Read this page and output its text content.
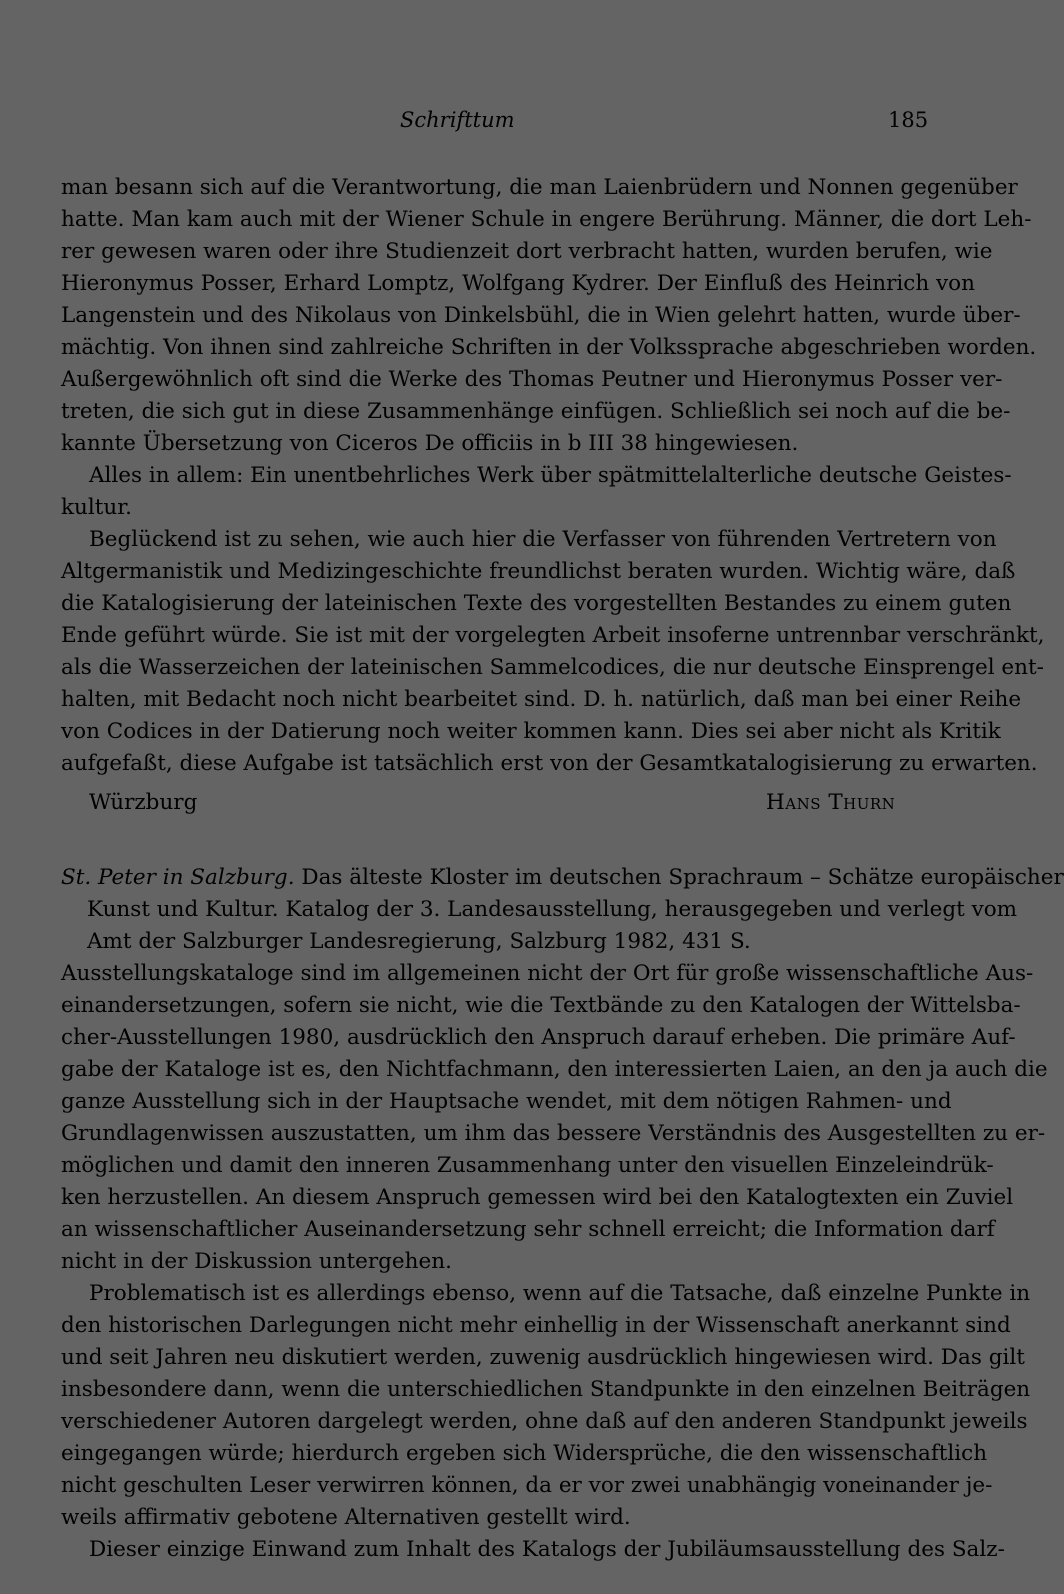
Schrifttum	185
man besann sich auf die Verantwortung, die man Laienbrüdern und Nonnen gegenüber
hatte. Man kam auch mit der Wiener Schule in engere Berührung. Männer, die dort Leh-
rer gewesen waren oder ihre Studienzeit dort verbracht hatten, wurden berufen, wie
Hieronymus Posser, Erhard Lomptz, Wolfgang Kydrer. Der Einfluß des Heinrich von
Langenstein und des Nikolaus von Dinkelsbühl, die in Wien gelehrt hatten, wurde über-
mächtig. Von ihnen sind zahlreiche Schriften in der Volkssprache abgeschrieben worden.
Außergewöhnlich oft sind die Werke des Thomas Peutner und Hieronymus Posser ver-
treten, die sich gut in diese Zusammenhänge einfügen. Schließlich sei noch auf die be-
kannte Übersetzung von Ciceros De officiis in b III 38 hingewiesen.
Alles in allem: Ein unentbehrliches Werk über spätmittelalterliche deutsche Geistes-
kultur.
Beglückend ist zu sehen, wie auch hier die Verfasser von führenden Vertretern von
Altgermanistik und Medizingeschichte freundlichst beraten wurden. Wichtig wäre, daß
die Katalogisierung der lateinischen Texte des vorgestellten Bestandes zu einem guten
Ende geführt würde. Sie ist mit der vorgelegten Arbeit insoferne untrennbar verschränkt,
als die Wasserzeichen der lateinischen Sammelcodices, die nur deutsche Einsprengel ent-
halten, mit Bedacht noch nicht bearbeitet sind. D. h. natürlich, daß man bei einer Reihe
von Codices in der Datierung noch weiter kommen kann. Dies sei aber nicht als Kritik
aufgefaßt, diese Aufgabe ist tatsächlich erst von der Gesamtkatalogisierung zu erwarten.
Würzburg	Hans Thurn
St. Peter in Salzburg. Das älteste Kloster im deutschen Sprachraum – Schätze europäischer
Kunst und Kultur. Katalog der 3. Landesausstellung, herausgegeben und verlegt vom
Amt der Salzburger Landesregierung, Salzburg 1982, 431 S.
Ausstellungskataloge sind im allgemeinen nicht der Ort für große wissenschaftliche Aus-
einandersetzungen, sofern sie nicht, wie die Textbände zu den Katalogen der Wittelsba-
cher-Ausstellungen 1980, ausdrücklich den Anspruch darauf erheben. Die primäre Auf-
gabe der Kataloge ist es, den Nichtfachmann, den interessierten Laien, an den ja auch die
ganze Ausstellung sich in der Hauptsache wendet, mit dem nötigen Rahmen- und
Grundlagenwissen auszustatten, um ihm das bessere Verständnis des Ausgestellten zu er-
möglichen und damit den inneren Zusammenhang unter den visuellen Einzeleindrük-
ken herzustellen. An diesem Anspruch gemessen wird bei den Katalogtexten ein Zuviel
an wissenschaftlicher Auseinandersetzung sehr schnell erreicht; die Information darf
nicht in der Diskussion untergehen.
Problematisch ist es allerdings ebenso, wenn auf die Tatsache, daß einzelne Punkte in
den historischen Darlegungen nicht mehr einhellig in der Wissenschaft anerkannt sind
und seit Jahren neu diskutiert werden, zuwenig ausdrücklich hingewiesen wird. Das gilt
insbesondere dann, wenn die unterschiedlichen Standpunkte in den einzelnen Beiträgen
verschiedener Autoren dargelegt werden, ohne daß auf den anderen Standpunkt jeweils
eingegangen würde; hierdurch ergeben sich Widersprüche, die den wissenschaftlich
nicht geschulten Leser verwirren können, da er vor zwei unabhängig voneinander je-
weils affirmativ gebotene Alternativen gestellt wird.
Dieser einzige Einwand zum Inhalt des Katalogs der Jubiläumsausstellung des Salz-
